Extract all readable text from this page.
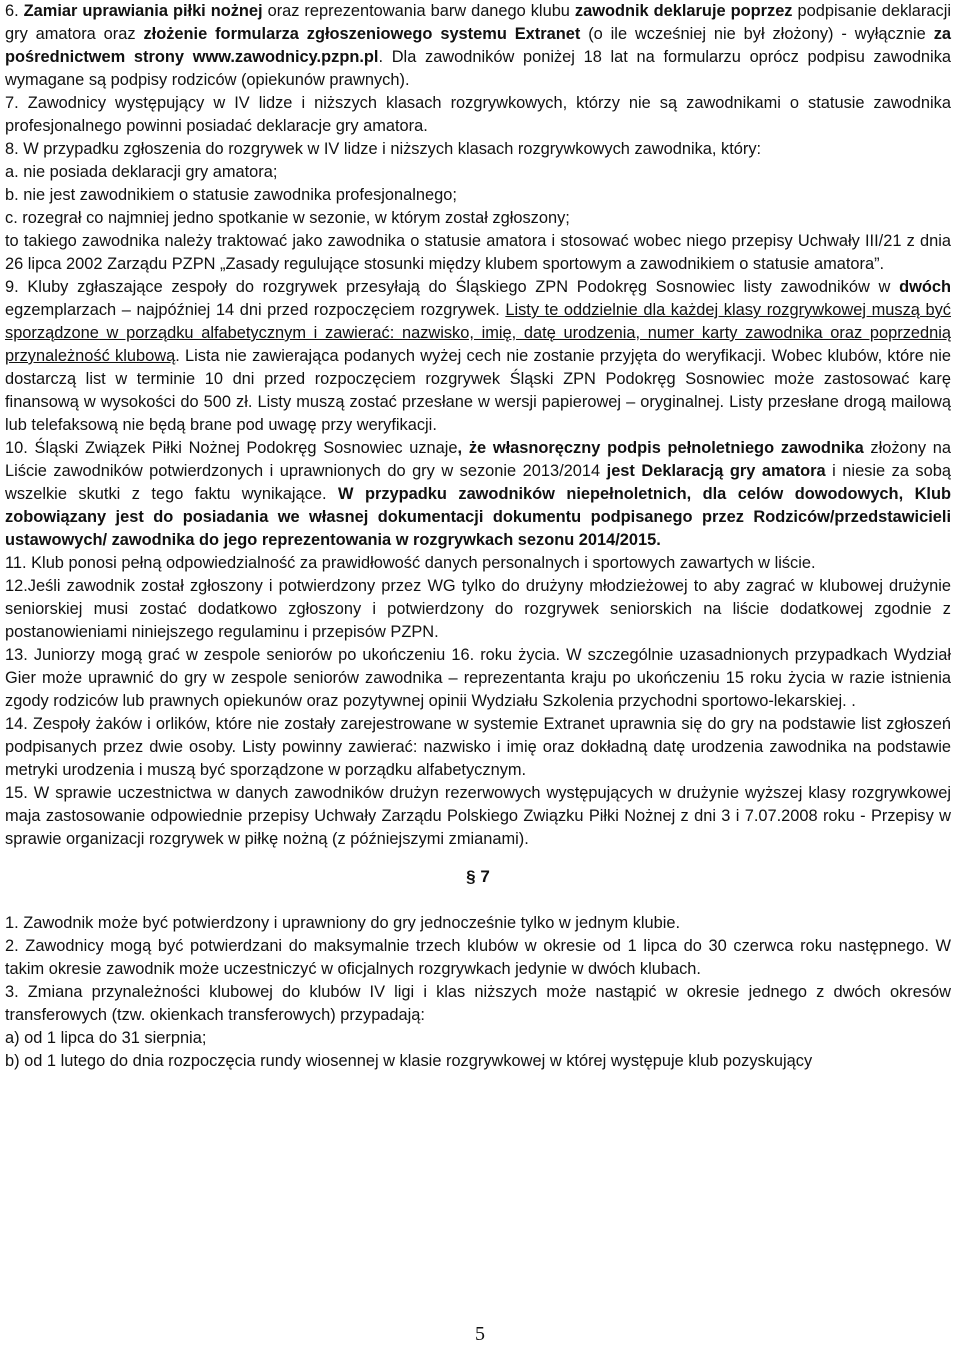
6. Zamiar uprawiania piłki nożnej oraz reprezentowania barw danego klubu zawodnik deklaruje poprzez podpisanie deklaracji gry amatora oraz złożenie formularza zgłoszeniowego systemu Extranet (o ile wcześniej nie był złożony) - wyłącznie za pośrednictwem strony www.zawodnicy.pzpn.pl. Dla zawodników poniżej 18 lat na formularzu oprócz podpisu zawodnika wymagane są podpisy rodziców (opiekunów prawnych).

7. Zawodnicy występujący w IV lidze i niższych klasach rozgrywkowych, którzy nie są zawodnikami o statusie zawodnika profesjonalnego powinni posiadać deklaracje gry amatora.

8. W przypadku zgłoszenia do rozgrywek w IV lidze i niższych klasach rozgrywkowych zawodnika, który:

a. nie posiada deklaracji gry amatora;

b. nie jest zawodnikiem o statusie zawodnika profesjonalnego;

c. rozegrał co najmniej jedno spotkanie w sezonie, w którym został zgłoszony;

to takiego zawodnika należy traktować jako zawodnika o statusie amatora i stosować wobec niego przepisy Uchwały III/21 z dnia 26 lipca 2002 Zarządu PZPN „Zasady regulujące stosunki między klubem sportowym a zawodnikiem o statusie amatora”.

9. Kluby zgłaszające zespoły do rozgrywek przesyłają do Śląskiego ZPN Podokręg Sosnowiec listy zawodników w dwóch egzemplarzach – najpóźniej 14 dni przed rozpoczęciem rozgrywek. Listy te oddzielnie dla każdej klasy rozgrywkowej muszą być sporządzone w porządku alfabetycznym i zawierać: nazwisko, imię, datę urodzenia, numer karty zawodnika oraz poprzednią przynależność klubową. Lista nie zawierająca podanych wyżej cech nie zostanie przyjęta do weryfikacji. Wobec klubów, które nie dostarczą list w terminie 10 dni przed rozpoczęciem rozgrywek Śląski ZPN Podokręg Sosnowiec może zastosować karę finansową w wysokości do 500 zł. Listy muszą zostać przesłane w wersji papierowej – oryginalnej. Listy przesłane drogą mailową lub telefaksową nie będą brane pod uwagę przy weryfikacji.

10. Śląski Związek Piłki Nożnej Podokręg Sosnowiec uznaje, że własnoręczny podpis pełnoletniego zawodnika złożony na Liście zawodników potwierdzonych i uprawnionych do gry w sezonie 2013/2014 jest Deklaracją gry amatora i niesie za sobą wszelkie skutki z tego faktu wynikające. W przypadku zawodników niepełnoletnich, dla celów dowodowych, Klub zobowiązany jest do posiadania we własnej dokumentacji dokumentu podpisanego przez Rodziców/przedstawicieli ustawowych/ zawodnika do jego reprezentowania w rozgrywkach sezonu 2014/2015.

11. Klub ponosi pełną odpowiedzialność za prawidłowość danych personalnych i sportowych zawartych w liście.

12.Jeśli zawodnik został zgłoszony i potwierdzony przez WG tylko do drużyny młodzieżowej to aby zagrać w klubowej drużynie seniorskiej musi zostać dodatkowo zgłoszony i potwierdzony do rozgrywek seniorskich na liście dodatkowej zgodnie z postanowieniami niniejszego regulaminu i przepisów PZPN.

13. Juniorzy mogą grać w zespole seniorów po ukończeniu 16. roku życia. W szczególnie uzasadnionych przypadkach Wydział Gier może uprawnić do gry w zespole seniorów zawodnika – reprezentanta kraju po ukończeniu 15 roku życia w razie istnienia zgody rodziców lub prawnych opiekunów oraz pozytywnej opinii Wydziału Szkolenia przychodni sportowo-lekarskiej. .

14. Zespoły żaków i orlików, które nie zostały zarejestrowane w systemie Extranet uprawnia się do gry na podstawie list zgłoszeń podpisanych przez dwie osoby. Listy powinny zawierać: nazwisko i imię oraz dokładną datę urodzenia zawodnika na podstawie metryki urodzenia i muszą być sporządzone w porządku alfabetycznym.

15. W sprawie uczestnictwa w danych zawodników drużyn rezerwowych występujących w drużynie wyższej klasy rozgrywkowej maja zastosowanie odpowiednie przepisy Uchwały Zarządu Polskiego Związku Piłki Nożnej z dni 3 i 7.07.2008 roku - Przepisy w sprawie organizacji rozgrywek w piłkę nożną (z późniejszymi zmianami).

§ 7

1. Zawodnik może być potwierdzony i uprawniony do gry jednocześnie tylko w jednym klubie.

2. Zawodnicy mogą być potwierdzani do maksymalnie trzech klubów w okresie od 1 lipca do 30 czerwca roku następnego. W takim okresie zawodnik może uczestniczyć w oficjalnych rozgrywkach jedynie w dwóch klubach.

3. Zmiana przynależności klubowej do klubów IV ligi i klas niższych może nastąpić w okresie jednego z dwóch okresów transferowych (tzw. okienkach transferowych) przypadają:

a) od 1 lipca do 31 sierpnia;

b) od 1 lutego do dnia rozpoczęcia rundy wiosennej w klasie rozgrywkowej w której występuje klub pozyskujący

5
